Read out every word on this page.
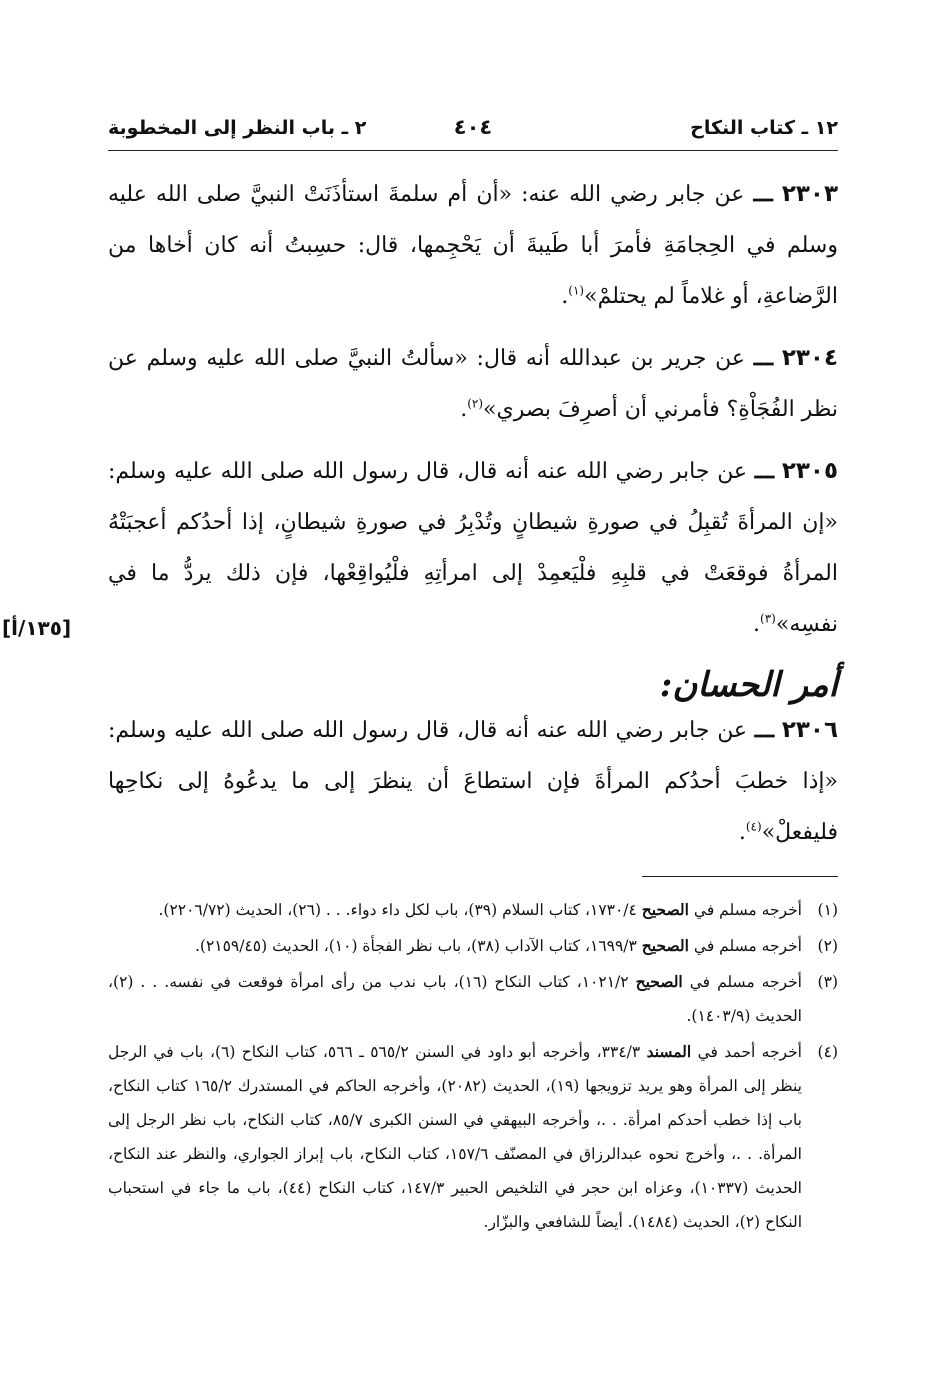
١٢ ـ كتاب النكاح
٤٠٤
٢ ـ باب النظر إلى المخطوبة

٢٣٠٣ ـــ عن جابر رضي الله عنه: «أن أم سلمةَ استأذَنَتْ النبيَّ صلى الله عليه وسلم في الحِجامَةِ فأمرَ أبا طَيبةَ أن يَحْجِمها، قال: حسِبتُ أنه كان أخاها من الرَّضاعةِ، أو غلاماً لم يحتلمْ»$^{(١)}$.

٢٣٠٤ ـــ عن جرير بن عبدالله أنه قال: «سألتُ النبيَّ صلى الله عليه وسلم عن نظر الفُجَاْةِ؟ فأمرني أن أصرِفَ بصري»$^{(٢)}$.

٢٣٠٥ ـــ عن جابر رضي الله عنه أنه قال، قال رسول الله صلى الله عليه وسلم: «إن المرأةَ تُقبِلُ في صورةِ شيطانٍ وتُدْبِرُ في صورةِ شيطانٍ، إذا أحدُكم أعجبَتْهُ المرأةُ فوقعَتْ في قلبِهِ فلْيَعمِدْ إلى امرأتِهِ فلْيُواقِعْها، فإن ذلك يردُّ ما في نفسِه»$^{(٣)}$.

[١٣٥/أ]
أمر الحسان:

٢٣٠٦ ـــ عن جابر رضي الله عنه أنه قال، قال رسول الله صلى الله عليه وسلم: «إذا خطبَ أحدُكم المرأةَ فإن استطاعَ أن ينظرَ إلى ما يدعُوهُ إلى نكاحِها فليفعلْ»$^{(٤)}$.

(١)
أخرجه مسلم في الصحيح ١٧٣٠/٤، كتاب السلام (٣٩)، باب لكل داء دواء. . . (٢٦)، الحديث (٢٢٠٦/٧٢).
(٢)
أخرجه مسلم في الصحيح ١٦٩٩/٣، كتاب الآداب (٣٨)، باب نظر الفجأة (١٠)، الحديث (٢١٥٩/٤٥).
(٣)
أخرجه مسلم في الصحيح ١٠٢١/٢، كتاب النكاح (١٦)، باب ندب من رأى امرأة فوقعت في نفسه. . . (٢)، الحديث (١٤٠٣/٩).
(٤)
أخرجه أحمد في المسند ٣٣٤/٣، وأخرجه أبو داود في السنن ٥٦٥/٢ ـ ٥٦٦، كتاب النكاح (٦)، باب في الرجل ينظر إلى المرأة وهو يريد تزويجها (١٩)، الحديث (٢٠٨٢)، وأخرجه الحاكم في المستدرك ١٦٥/٢ كتاب النكاح، باب إذا خطب أحدكم امرأة. . .، وأخرجه البيهقي في السنن الكبرى ٨٥/٧، كتاب النكاح، باب نظر الرجل إلى المرأة. . .، وأخرج نحوه عبدالرزاق في المصنّف ١٥٧/٦، كتاب النكاح، باب إبراز الجواري، والنظر عند النكاح، الحديث (١٠٣٣٧)، وعزاه ابن حجر في التلخيص الحبير ١٤٧/٣، كتاب النكاح (٤٤)، باب ما جاء في استحباب النكاح (٢)، الحديث (١٤٨٤). أيضاً للشافعي والبزّار.
